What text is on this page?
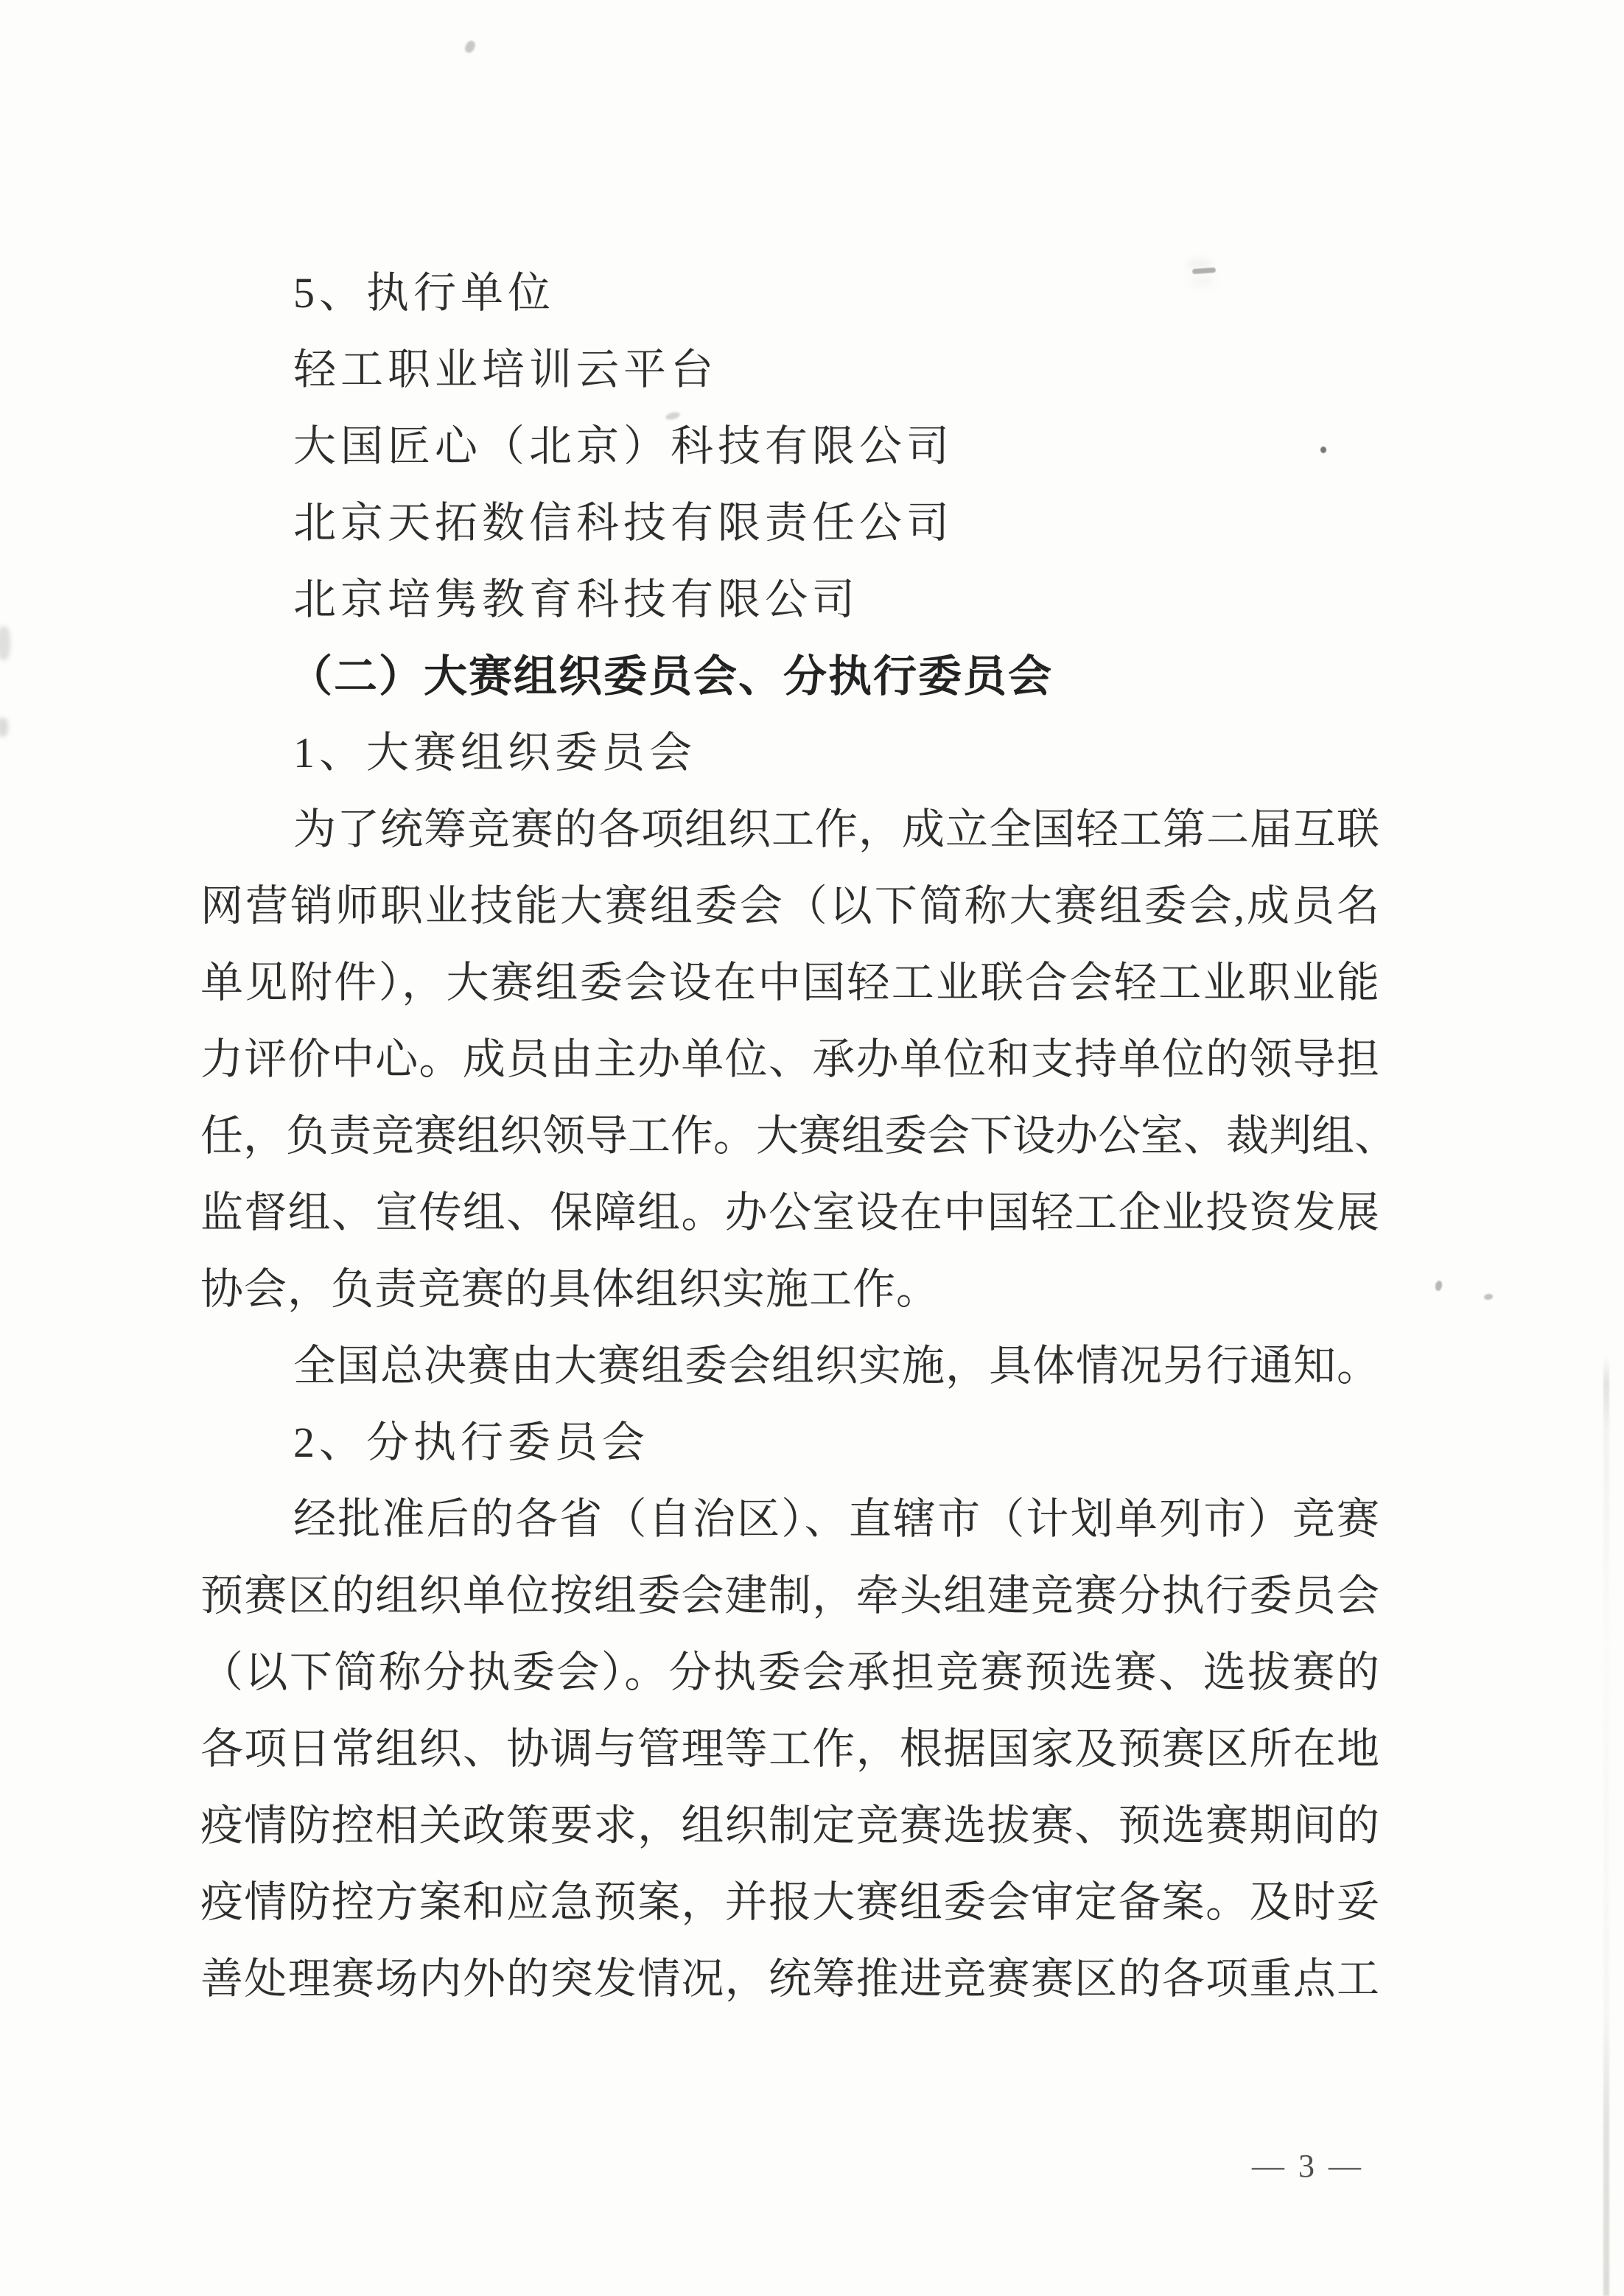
5、执行单位
轻工职业培训云平台
大国匠心（北京）科技有限公司
北京天拓数信科技有限责任公司
北京培隽教育科技有限公司
（二）大赛组织委员会、分执行委员会
1、大赛组织委员会
为了统筹竞赛的各项组织工作，成立全国轻工第二届互联
网营销师职业技能大赛组委会（以下简称大赛组委会,成员名
单见附件），大赛组委会设在中国轻工业联合会轻工业职业能
力评价中心。成员由主办单位、承办单位和支持单位的领导担
任，负责竞赛组织领导工作。大赛组委会下设办公室、裁判组、
监督组、宣传组、保障组。办公室设在中国轻工企业投资发展
协会，负责竞赛的具体组织实施工作。
全国总决赛由大赛组委会组织实施，具体情况另行通知。
2、分执行委员会
经批准后的各省（自治区）、直辖市（计划单列市）竞赛
预赛区的组织单位按组委会建制，牵头组建竞赛分执行委员会
（以下简称分执委会）。分执委会承担竞赛预选赛、选拔赛的
各项日常组织、协调与管理等工作，根据国家及预赛区所在地
疫情防控相关政策要求，组织制定竞赛选拔赛、预选赛期间的
疫情防控方案和应急预案，并报大赛组委会审定备案。及时妥
善处理赛场内外的突发情况，统筹推进竞赛赛区的各项重点工
— 3 —
